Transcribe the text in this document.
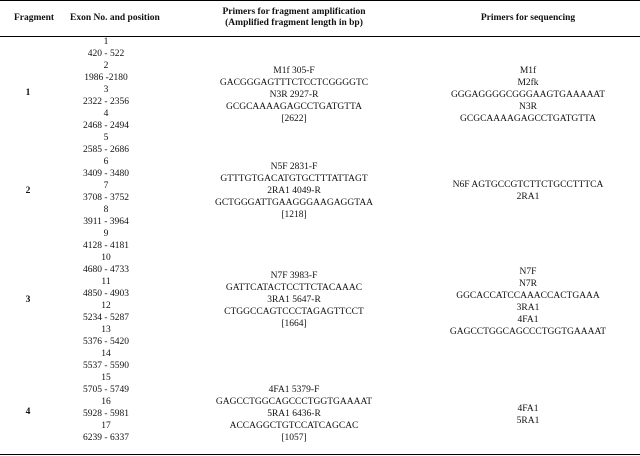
Fragment	Exon No. and position
Primers for fragment amplification
(Amplified fragment length in bp)
Primers for sequencing
1
420 - 522
2
1986 -2180
3
2322 - 2356
4
2468 - 2494
5
2585 - 2686
6
3409 - 3480
7
3708 - 3752
8
3911 - 3964
9
4128 - 4181
10
4680 - 4733
11
4850 - 4903
12
5234 - 5287
13
5376 - 5420
14
5537 - 5590
15
5705 - 5749
16
5928 - 5981
17
6239 - 6337
1
2
3
4
M1f 305-F
GACGGGAGTTTCTCCTCGGGGTC
N3R 2927-R
GCGCAAAAGAGCCTGATGTTA
[2622]
M1f
M2fk
GGGAGGGGCGGGAAGTGAAAAAT
N3R
GCGCAAAAGAGCCTGATGTTA
N5F 2831-F
GTTTGTGACATGTGCTTTATTAGT
2RA1 4049-R
GCTGGGATTGAAGGGAAGAGGTAA
[1218]
N6F AGTGCCGTCTTCTGCCTTTCA
2RA1
N7F 3983-F
GATTCATACTCCTTCTACAAAC
3RA1 5647-R
CTGGCCAGTCCCTAGAGTTCCT
[1664]
N7F
N7R
GGCACCATCCAAACCACTGAAA
3RA1
4FA1
GAGCCTGGCAGCCCTGGTGAAAAT
4FA1 5379-F
GAGCCTGGCAGCCCTGGTGAAAAT
5RA1 6436-R
ACCAGGCTGTCCATCAGCAC
[1057]
4FA1
5RA1
